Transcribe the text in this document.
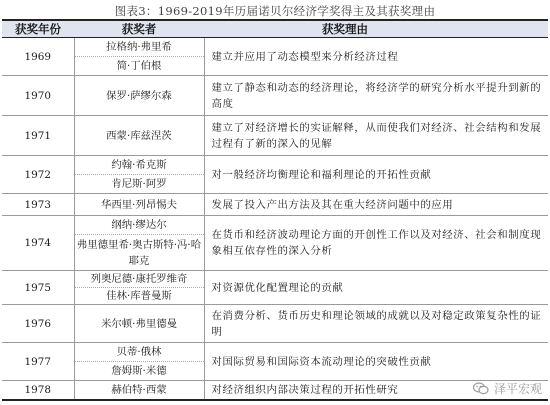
图表3：1969-2019年历届诺贝尔经济学奖得主及其获奖理由
获奖年份	获奖者	获奖理由
1969	拉格纳·弗里希	建立并应用了动态模型来分析经济过程
	简·丁伯根	
1970	保罗·萨缪尔森	建立了静态和动态的经济理论，将经济学的研究分析水平提升到新的高度
1971	西蒙·库兹涅茨	建立了对经济增长的实证解释，从而使我们对经济、社会结构和发展过程有了新的深入的见解
1972	约翰·希克斯	对一般经济均衡理论和福利理论的开拓性贡献
	肯尼斯·阿罗	
1973	华西里·列昂惕夫	发展了投入产出方法及其在重大经济问题中的应用
1974	纲纳·缪达尔	在货币和经济波动理论方面的开创性工作以及对经济、社会和制度现象相互依存性的深入分析
	弗里德里希·奥古斯特·冯·哈耶克	
1975	列奥尼德·康托罗维奇	对资源优化配置理论的贡献
	佳林·库普曼斯	
1976	米尔顿·弗里德曼	在消费分析、货币历史和理论领域的成就以及对稳定政策复杂性的证明
1977	贝蒂·俄林	对国际贸易和国际资本流动理论的突破性贡献
	詹姆斯·米德	
1978	赫伯特·西蒙	对经济组织内部决策过程的开拓性研究	泽平宏观
